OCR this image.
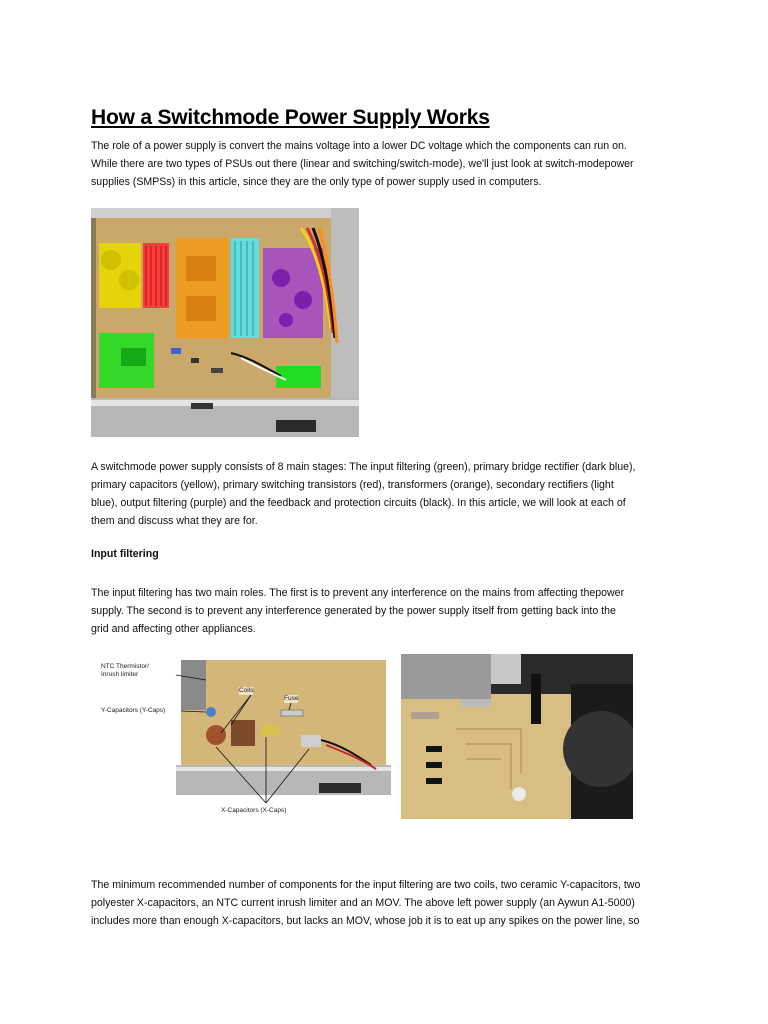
How a Switchmode Power Supply Works

The role of a power supply is convert the mains voltage into a lower DC voltage which the components can run on.

While there are two types of PSUs out there (linear and switching/switch-mode), we'll just look at switch-modepower

supplies (SMPSs) in this article, since they are the only type of power supply used in computers.

A switchmode power supply consists of 8 main stages: The input filtering (green), primary bridge rectifier (dark blue),

primary capacitors (yellow), primary switching transistors (red), transformers (orange), secondary rectifiers (light

blue), output filtering (purple) and the feedback and protection circuits (black). In this article, we will look at each of

them and discuss what they are for.

Input filtering

The input filtering has two main roles. The first is to prevent any interference on the mains from affecting thepower

supply. The second is to prevent any interference generated by the power supply itself from getting back into the

grid and affecting other appliances.

NTC Thermistor/
Inrush limiter
Coils
Fuse
Y-Capacitors (Y-Caps)
X-Capacitors (X-Caps)

The minimum recommended number of components for the input filtering are two coils, two ceramic Y-capacitors, two

polyester X-capacitors, an NTC current inrush limiter and an MOV. The above left power supply (an Aywun A1-5000)

includes more than enough X-capacitors, but lacks an MOV, whose job it is to eat up any spikes on the power line, so
